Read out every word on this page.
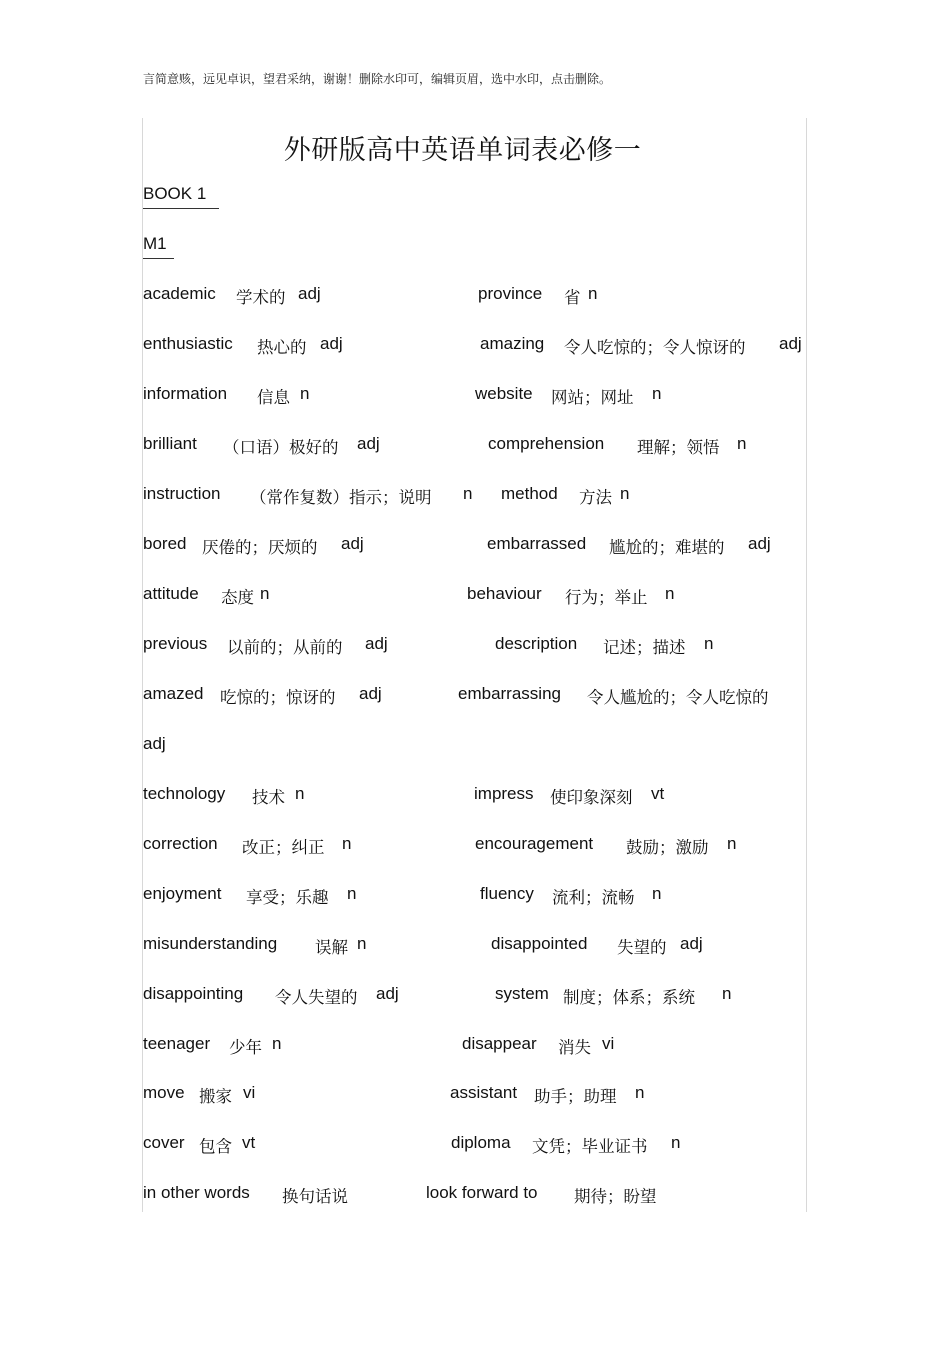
言简意赅，远见卓识，望君采纳，谢谢！删除水印可，编辑页眉，选中水印，点击删除。
外研版高中英语单词表必修一
BOOK 1
M1
academic 学术的 adj	province 省 n
enthusiastic 热心的 adj	amazing 令人吃惊的；令人惊讶的 adj
information 信息 n	website 网站；网址 n
brilliant （口语）极好的 adj	comprehension 理解；领悟 n
instruction （常作复数）指示；说明 n method 方法 n
bored 厌倦的；厌烦的 adj	embarrassed 尴尬的；难堪的 adj
attitude 态度 n	behaviour 行为；举止 n
previous 以前的；从前的 adj	description 记述；描述 n
amazed 吃惊的；惊讶的 adj	embarrassing 令人尴尬的；令人吃惊的
adj
technology 技术 n	impress 使印象深刻 vt
correction 改正；纠正 n	encouragement 鼓励；激励 n
enjoyment 享受；乐趣 n	fluency 流利；流畅 n
misunderstanding 误解 n	disappointed 失望的 adj
disappointing 令人失望的 adj	system 制度；体系；系统 n
teenager 少年 n	disappear 消失 vi
move 搬家 vi	assistant 助手；助理 n
cover 包含 vt	diploma 文凭；毕业证书 n
in other words 换句话说	look forward to 期待；盼望
